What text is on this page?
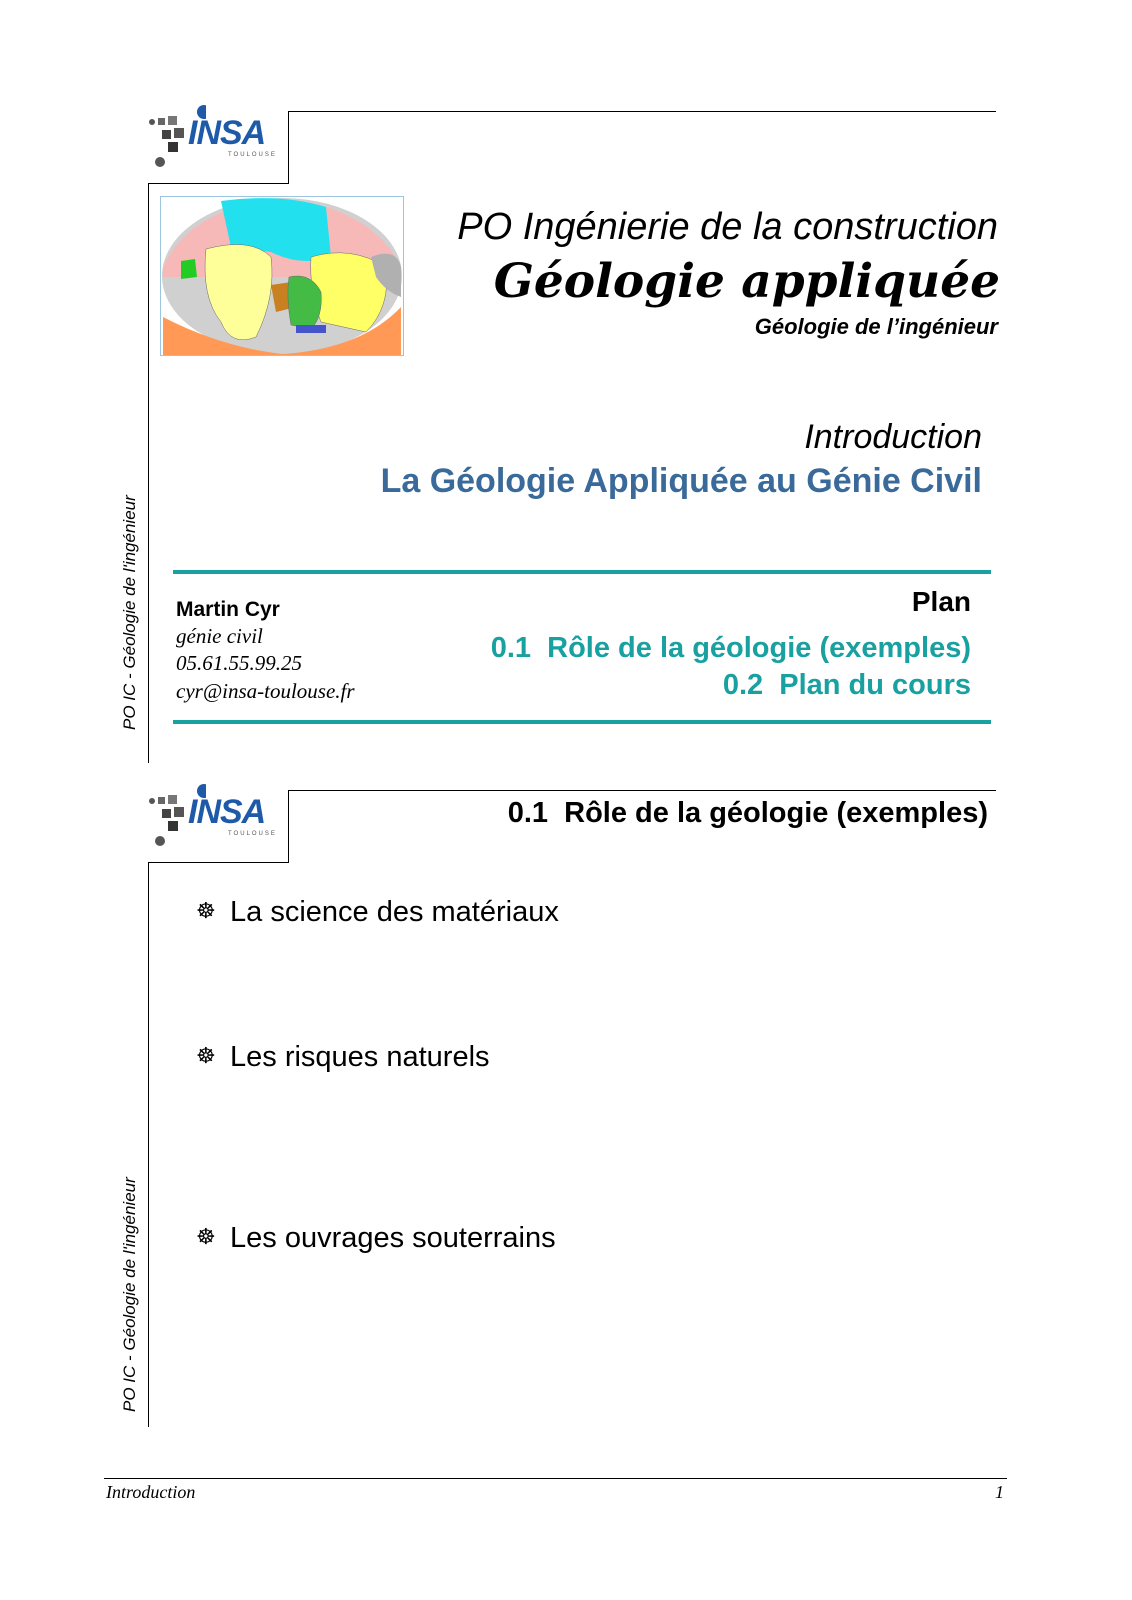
INSA
TOULOUSE
PO Ingénierie de la construction
Géologie appliquée
Géologie de l’ingénieur
Introduction
La Géologie Appliquée au Génie Civil
Martin Cyr
génie civil
05.61.55.99.25
cyr@insa-toulouse.fr
Plan
0.1  Rôle de la géologie (exemples)
0.2  Plan du cours
PO IC - Géologie de l'ingénieur
INSA
TOULOUSE
0.1  Rôle de la géologie (exemples)
☸ La science des matériaux
☸ Les risques naturels
☸ Les ouvrages souterrains
PO IC - Géologie de l'ingénieur
Introduction	1
